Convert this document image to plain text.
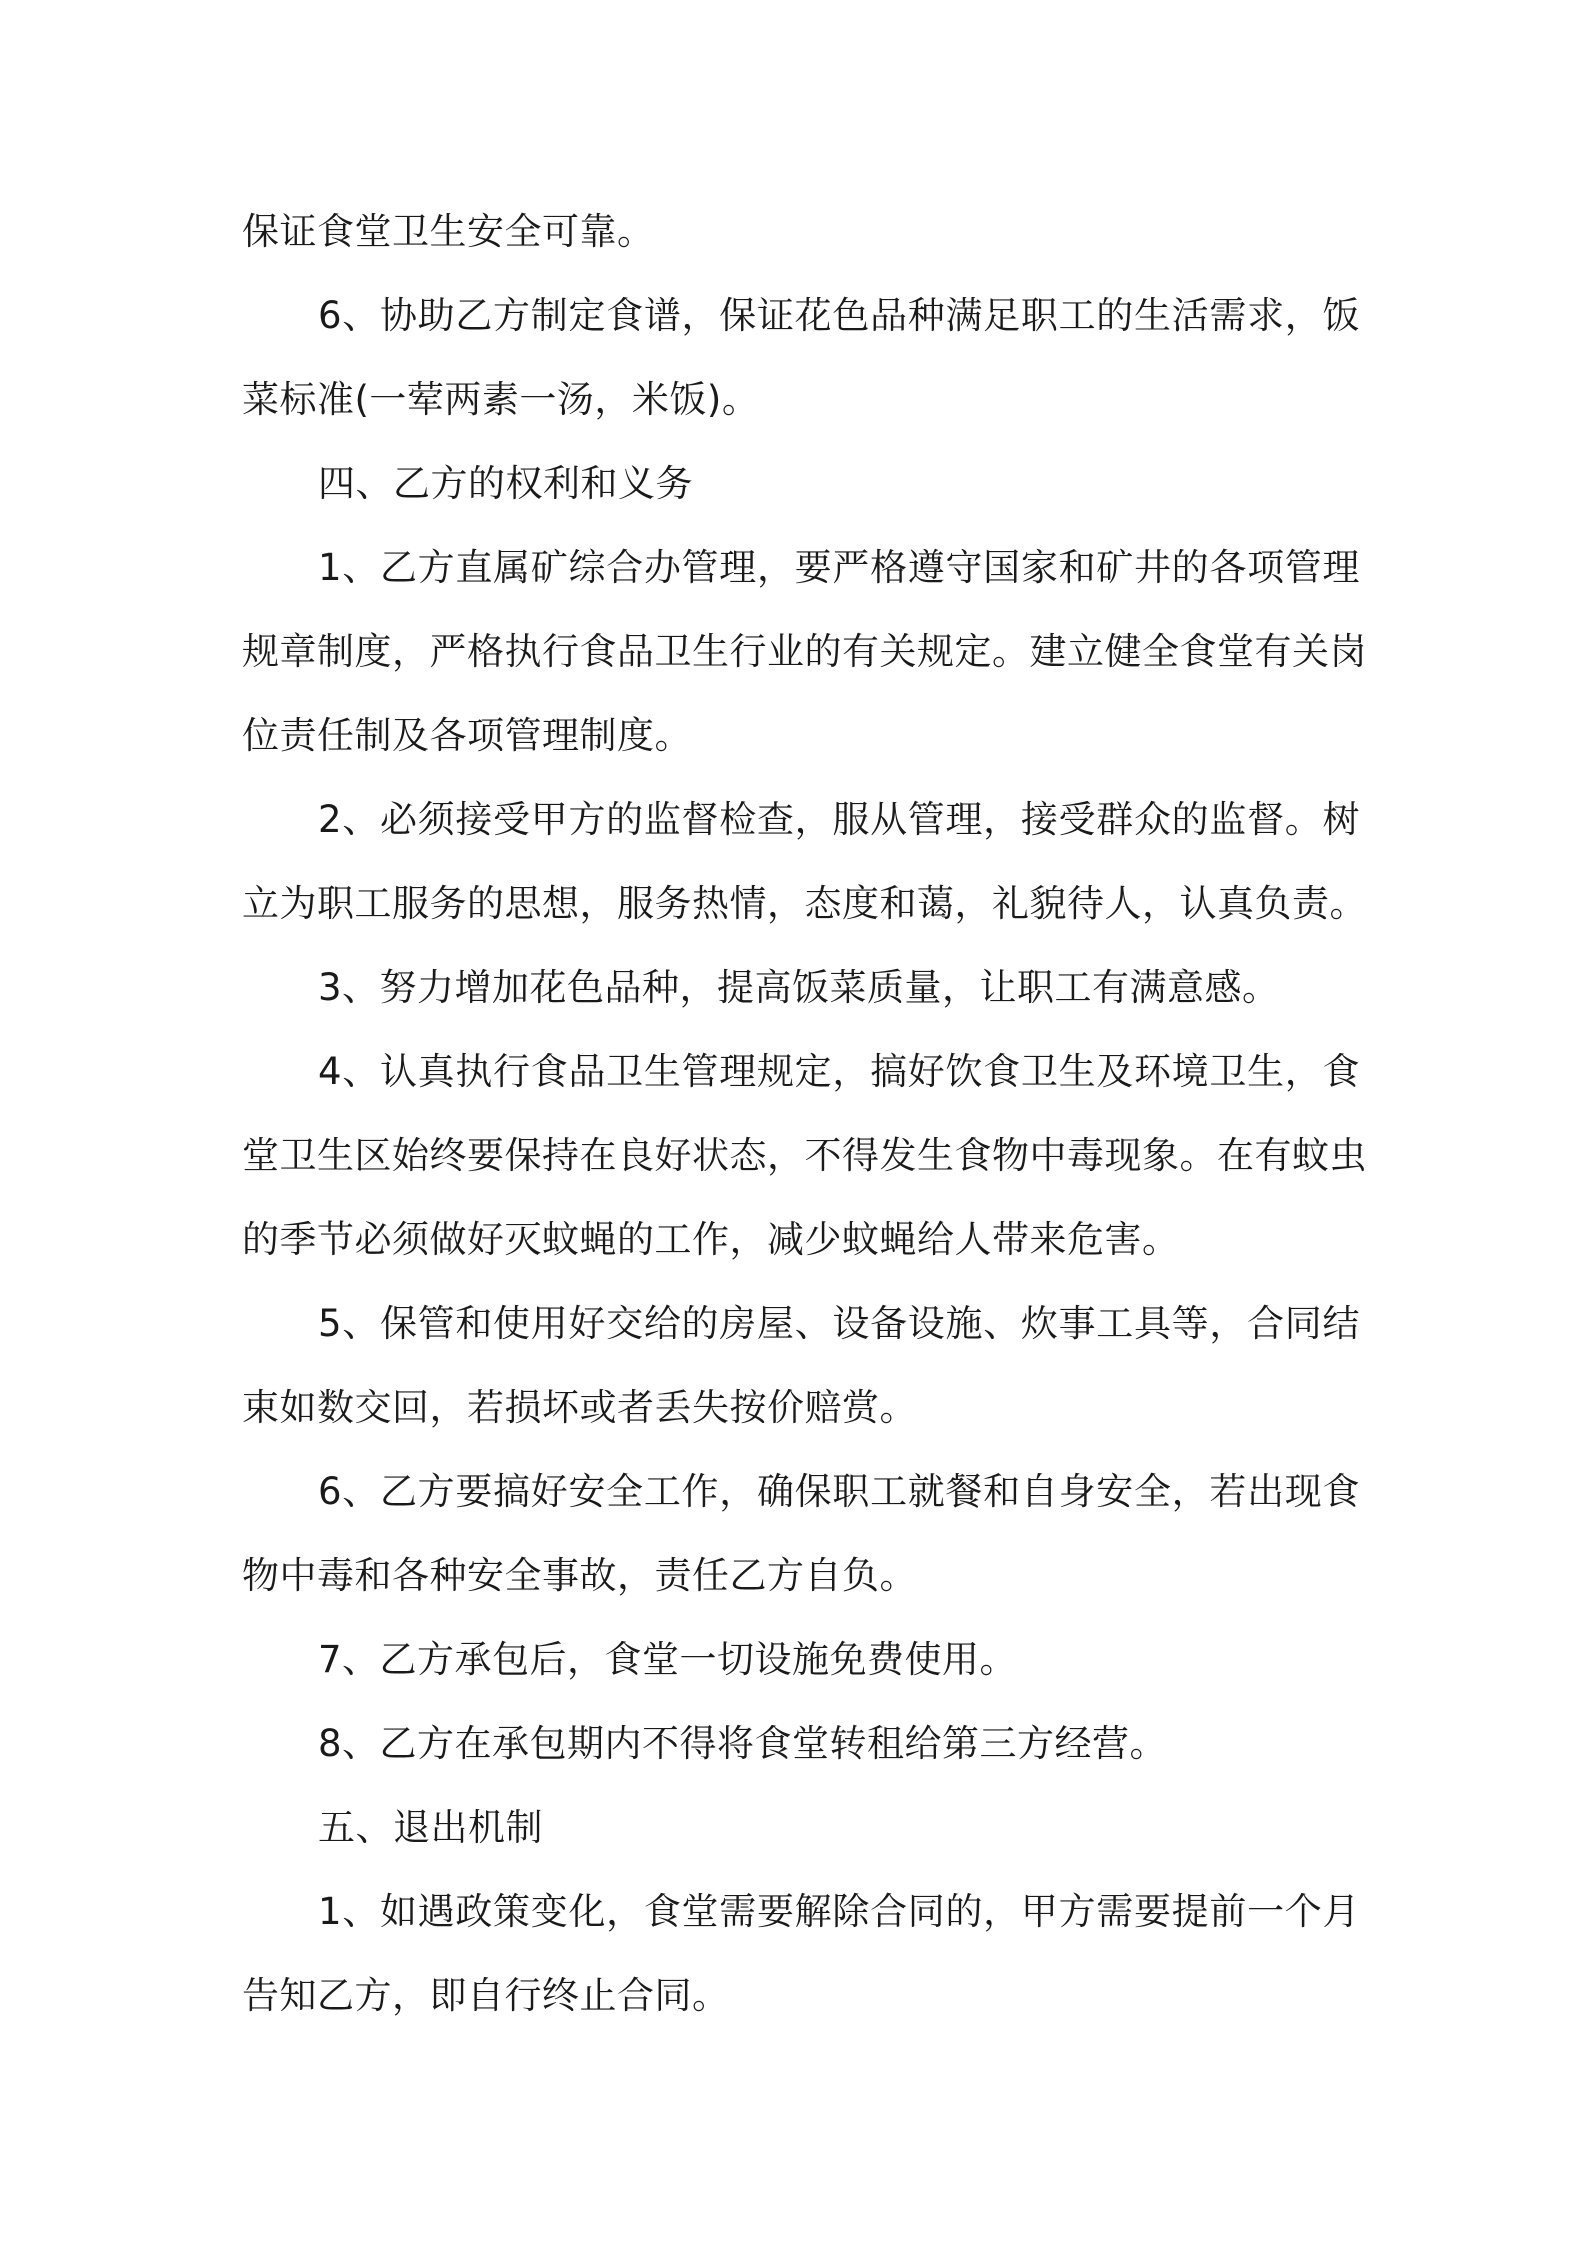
保证食堂卫生安全可靠。
6、协助乙方制定食谱，保证花色品种满足职工的生活需求，饭
菜标准(一荤两素一汤，米饭)。
四、乙方的权利和义务
1、乙方直属矿综合办管理，要严格遵守国家和矿井的各项管理
规章制度，严格执行食品卫生行业的有关规定。建立健全食堂有关岗
位责任制及各项管理制度。
2、必须接受甲方的监督检查，服从管理，接受群众的监督。树
立为职工服务的思想，服务热情，态度和蔼，礼貌待人，认真负责。
3、努力增加花色品种，提高饭菜质量，让职工有满意感。
4、认真执行食品卫生管理规定，搞好饮食卫生及环境卫生，食
堂卫生区始终要保持在良好状态，不得发生食物中毒现象。在有蚊虫
的季节必须做好灭蚊蝇的工作，减少蚊蝇给人带来危害。
5、保管和使用好交给的房屋、设备设施、炊事工具等，合同结
束如数交回，若损坏或者丢失按价赔赏。
6、乙方要搞好安全工作，确保职工就餐和自身安全，若出现食
物中毒和各种安全事故，责任乙方自负。
7、乙方承包后，食堂一切设施免费使用。
8、乙方在承包期内不得将食堂转租给第三方经营。
五、退出机制
1、如遇政策变化，食堂需要解除合同的，甲方需要提前一个月
告知乙方，即自行终止合同。
